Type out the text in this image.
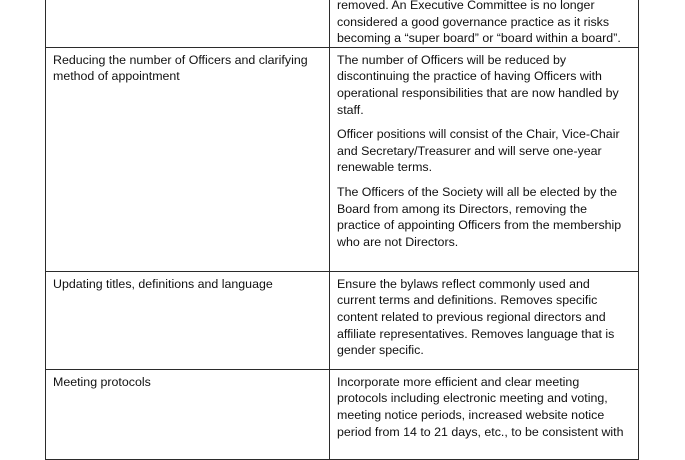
	removed. An Executive Committee is no longer considered a good governance practice as it risks becoming a “super board” or “board within a board”.

Reducing the number of Officers and clarifying method of appointment	The number of Officers will be reduced by discontinuing the practice of having Officers with operational responsibilities that are now handled by staff.

Officer positions will consist of the Chair, Vice-Chair and Secretary/Treasurer and will serve one-year renewable terms.

The Officers of the Society will all be elected by the Board from among its Directors, removing the practice of appointing Officers from the membership who are not Directors.

Updating titles, definitions and language	Ensure the bylaws reflect commonly used and current terms and definitions. Removes specific content related to previous regional directors and affiliate representatives. Removes language that is gender specific.

Meeting protocols	Incorporate more efficient and clear meeting protocols including electronic meeting and voting, meeting notice periods, increased website notice period from 14 to 21 days, etc., to be consistent with
